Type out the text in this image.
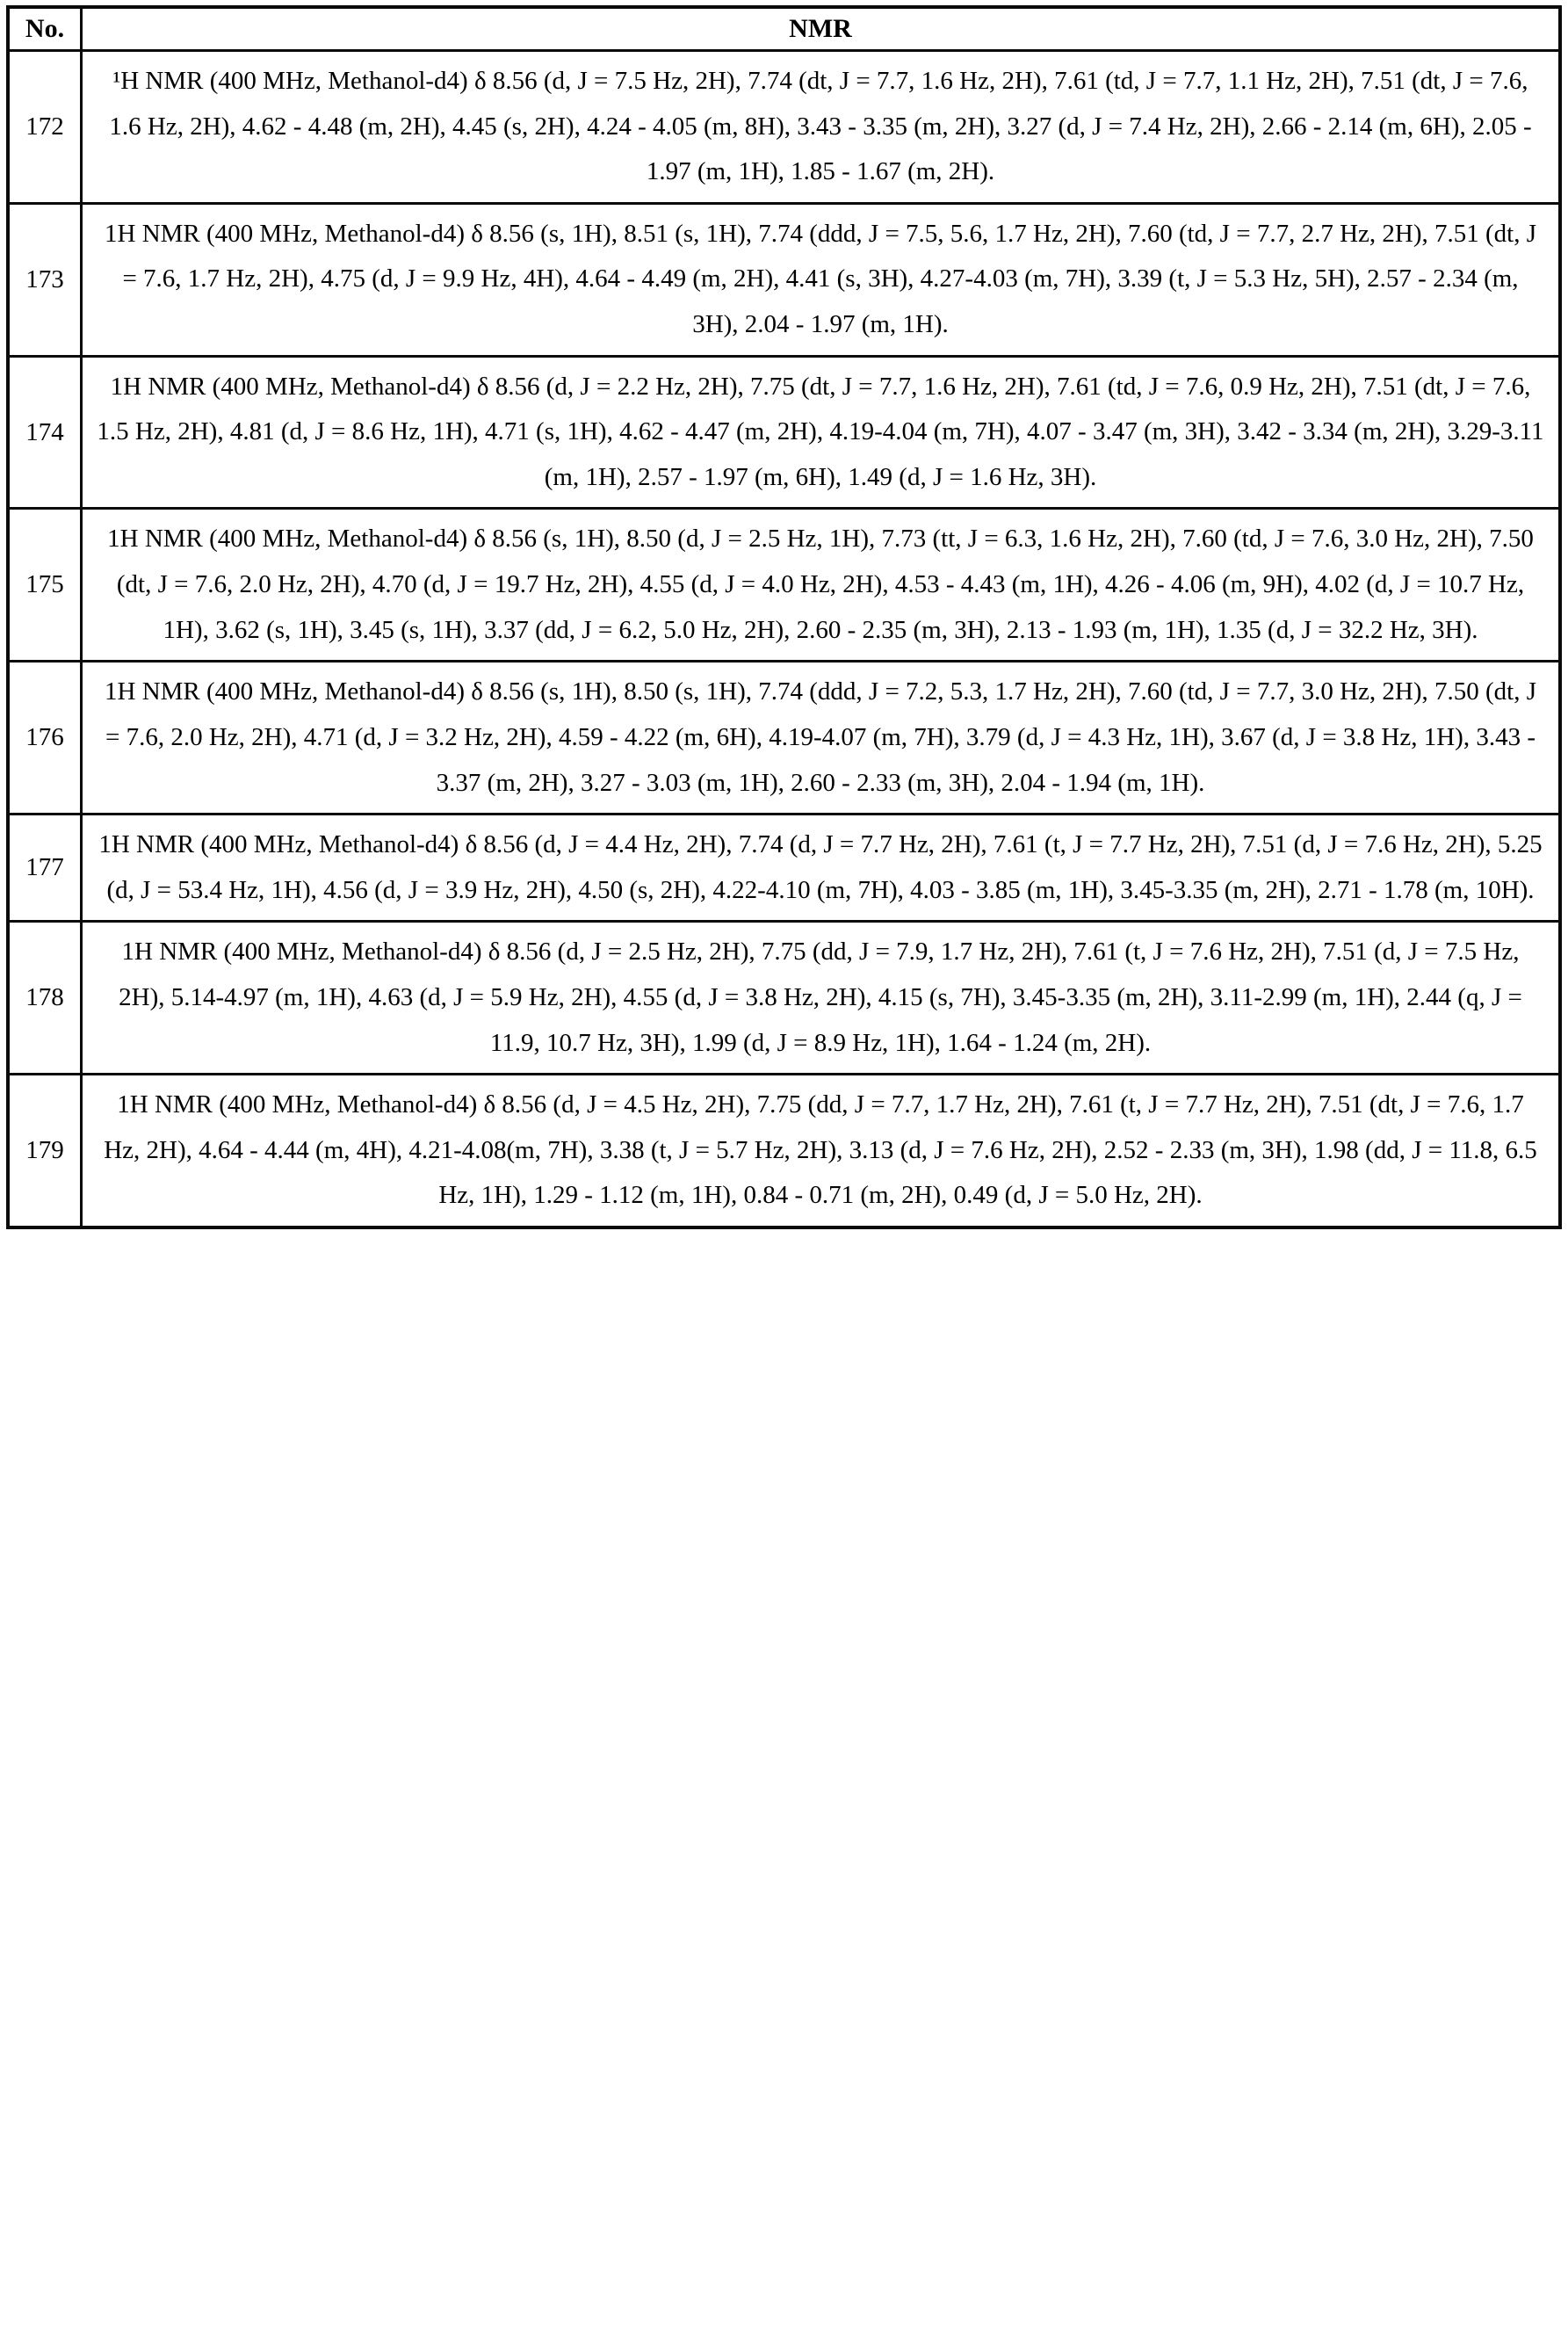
No.	NMR
172	¹H NMR (400 MHz, Methanol-d4) δ 8.56 (d, J = 7.5 Hz, 2H), 7.74 (dt, J = 7.7, 1.6 Hz, 2H), 7.61 (td, J = 7.7, 1.1 Hz, 2H), 7.51 (dt, J = 7.6, 1.6 Hz, 2H), 4.62 - 4.48 (m, 2H), 4.45 (s, 2H), 4.24 - 4.05 (m, 8H), 3.43 - 3.35 (m, 2H), 3.27 (d, J = 7.4 Hz, 2H), 2.66 - 2.14 (m, 6H), 2.05 - 1.97 (m, 1H), 1.85 - 1.67 (m, 2H).
173	1H NMR (400 MHz, Methanol-d4) δ 8.56 (s, 1H), 8.51 (s, 1H), 7.74 (ddd, J = 7.5, 5.6, 1.7 Hz, 2H), 7.60 (td, J = 7.7, 2.7 Hz, 2H), 7.51 (dt, J = 7.6, 1.7 Hz, 2H), 4.75 (d, J = 9.9 Hz, 4H), 4.64 - 4.49 (m, 2H), 4.41 (s, 3H), 4.27-4.03 (m, 7H), 3.39 (t, J = 5.3 Hz, 5H), 2.57 - 2.34 (m, 3H), 2.04 - 1.97 (m, 1H).
174	1H NMR (400 MHz, Methanol-d4) δ 8.56 (d, J = 2.2 Hz, 2H), 7.75 (dt, J = 7.7, 1.6 Hz, 2H), 7.61 (td, J = 7.6, 0.9 Hz, 2H), 7.51 (dt, J = 7.6, 1.5 Hz, 2H), 4.81 (d, J = 8.6 Hz, 1H), 4.71 (s, 1H), 4.62 - 4.47 (m, 2H), 4.19-4.04 (m, 7H), 4.07 - 3.47 (m, 3H), 3.42 - 3.34 (m, 2H), 3.29-3.11 (m, 1H), 2.57 - 1.97 (m, 6H), 1.49 (d, J = 1.6 Hz, 3H).
175	1H NMR (400 MHz, Methanol-d4) δ 8.56 (s, 1H), 8.50 (d, J = 2.5 Hz, 1H), 7.73 (tt, J = 6.3, 1.6 Hz, 2H), 7.60 (td, J = 7.6, 3.0 Hz, 2H), 7.50 (dt, J = 7.6, 2.0 Hz, 2H), 4.70 (d, J = 19.7 Hz, 2H), 4.55 (d, J = 4.0 Hz, 2H), 4.53 - 4.43 (m, 1H), 4.26 - 4.06 (m, 9H), 4.02 (d, J = 10.7 Hz, 1H), 3.62 (s, 1H), 3.45 (s, 1H), 3.37 (dd, J = 6.2, 5.0 Hz, 2H), 2.60 - 2.35 (m, 3H), 2.13 - 1.93 (m, 1H), 1.35 (d, J = 32.2 Hz, 3H).
176	1H NMR (400 MHz, Methanol-d4) δ 8.56 (s, 1H), 8.50 (s, 1H), 7.74 (ddd, J = 7.2, 5.3, 1.7 Hz, 2H), 7.60 (td, J = 7.7, 3.0 Hz, 2H), 7.50 (dt, J = 7.6, 2.0 Hz, 2H), 4.71 (d, J = 3.2 Hz, 2H), 4.59 - 4.22 (m, 6H), 4.19-4.07 (m, 7H), 3.79 (d, J = 4.3 Hz, 1H), 3.67 (d, J = 3.8 Hz, 1H), 3.43 - 3.37 (m, 2H), 3.27 - 3.03 (m, 1H), 2.60 - 2.33 (m, 3H), 2.04 - 1.94 (m, 1H).
177	1H NMR (400 MHz, Methanol-d4) δ 8.56 (d, J = 4.4 Hz, 2H), 7.74 (d, J = 7.7 Hz, 2H), 7.61 (t, J = 7.7 Hz, 2H), 7.51 (d, J = 7.6 Hz, 2H), 5.25 (d, J = 53.4 Hz, 1H), 4.56 (d, J = 3.9 Hz, 2H), 4.50 (s, 2H), 4.22-4.10 (m, 7H), 4.03 - 3.85 (m, 1H), 3.45-3.35 (m, 2H), 2.71 - 1.78 (m, 10H).
178	1H NMR (400 MHz, Methanol-d4) δ 8.56 (d, J = 2.5 Hz, 2H), 7.75 (dd, J = 7.9, 1.7 Hz, 2H), 7.61 (t, J = 7.6 Hz, 2H), 7.51 (d, J = 7.5 Hz, 2H), 5.14-4.97 (m, 1H), 4.63 (d, J = 5.9 Hz, 2H), 4.55 (d, J = 3.8 Hz, 2H), 4.15 (s, 7H), 3.45-3.35 (m, 2H), 3.11-2.99 (m, 1H), 2.44 (q, J = 11.9, 10.7 Hz, 3H), 1.99 (d, J = 8.9 Hz, 1H), 1.64 - 1.24 (m, 2H).
179	1H NMR (400 MHz, Methanol-d4) δ 8.56 (d, J = 4.5 Hz, 2H), 7.75 (dd, J = 7.7, 1.7 Hz, 2H), 7.61 (t, J = 7.7 Hz, 2H), 7.51 (dt, J = 7.6, 1.7 Hz, 2H), 4.64 - 4.44 (m, 4H), 4.21-4.08(m, 7H), 3.38 (t, J = 5.7 Hz, 2H), 3.13 (d, J = 7.6 Hz, 2H), 2.52 - 2.33 (m, 3H), 1.98 (dd, J = 11.8, 6.5 Hz, 1H), 1.29 - 1.12 (m, 1H), 0.84 - 0.71 (m, 2H), 0.49 (d, J = 5.0 Hz, 2H).
